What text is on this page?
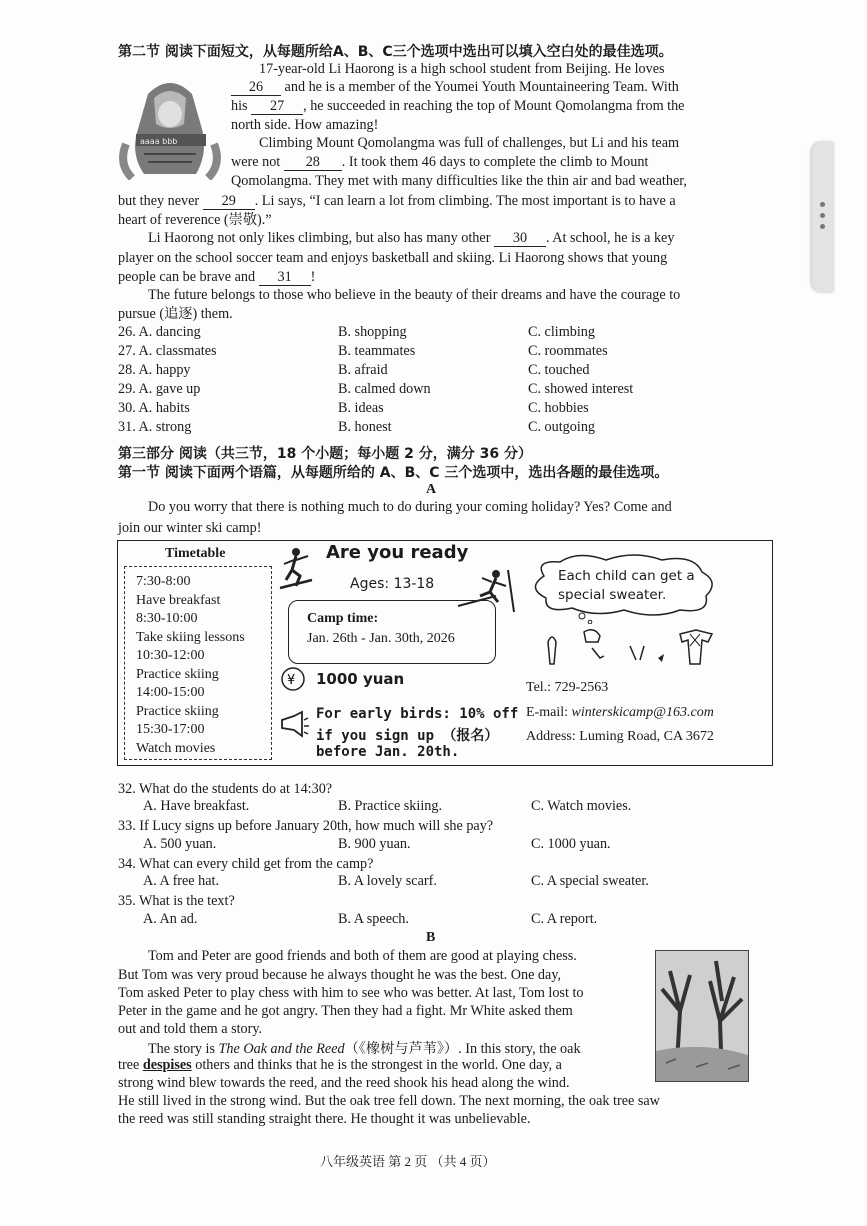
第二节 阅读下面短文，从每题所给A、B、C三个选项中选出可以填入空白处的最佳选项。
aaaa bbb
17-year-old Li Haorong is a high school student from Beijing. He loves
26 and he is a member of the Youmei Youth Mountaineering Team. With
his 27 , he succeeded in reaching the top of Mount Qomolangma from the
north side. How amazing!
Climbing Mount Qomolangma was full of challenges, but Li and his team
were not 28 . It took them 46 days to complete the climb to Mount
Qomolangma. They met with many difficulties like the thin air and bad weather,
but they never 29 . Li says, “I can learn a lot from climbing. The most important is to have a
heart of reverence (崇敬).”
Li Haorong not only likes climbing, but also has many other 30 . At school, he is a key
player on the school soccer team and enjoys basketball and skiing. Li Haorong shows that young
people can be brave and 31 !
The future belongs to those who believe in the beauty of their dreams and have the courage to
pursue (追逐) them.
26. A. dancing	B. shopping	C. climbing
27. A. classmates	B. teammates	C. roommates
28. A. happy	B. afraid	C. touched
29. A. gave up	B. calmed down	C. showed interest
30. A. habits	B. ideas	C. hobbies
31. A. strong	B. honest	C. outgoing
第三部分 阅读（共三节，18 个小题；每小题 2 分，满分 36 分）
第一节 阅读下面两个语篇，从每题所给的 A、B、C 三个选项中，选出各题的最佳选项。
A
Do you worry that there is nothing much to do during your coming holiday? Yes? Come and
join our winter ski camp!
Timetable
7:30-8:00
Have breakfast
8:30-10:00
Take skiing lessons
10:30-12:00
Practice skiing
14:00-15:00
Practice skiing
15:30-17:00
Watch movies
Are you ready
Ages: 13-18
Camp time:
Jan. 26th - Jan. 30th, 2026
¥ 1000 yuan
For early birds: 10% off
if you sign up （报名）
before Jan. 20th.
Each child can get a
special sweater.
Tel.: 729-2563
E-mail: winterskicamp@163.com
Address: Luming Road, CA 3672
32. What do the students do at 14:30?
A. Have breakfast.	B. Practice skiing.	C. Watch movies.
33. If Lucy signs up before January 20th, how much will she pay?
A. 500 yuan.	B. 900 yuan.	C. 1000 yuan.
34. What can every child get from the camp?
A. A free hat.	B. A lovely scarf.	C. A special sweater.
35. What is the text?
A. An ad.	B. A speech.	C. A report.
B
Tom and Peter are good friends and both of them are good at playing chess.
But Tom was very proud because he always thought he was the best. One day,
Tom asked Peter to play chess with him to see who was better. At last, Tom lost to
Peter in the game and he got angry. Then they had a fight. Mr White asked them
out and told them a story.
The story is The Oak and the Reed（《橡树与芦苇》）. In this story, the oak
tree despises others and thinks that he is the strongest in the world. One day, a
strong wind blew towards the reed, and the reed shook his head along the wind.
He still lived in the strong wind. But the oak tree fell down. The next morning, the oak tree saw
the reed was still standing straight there. He thought it was unbelievable.
八年级英语 第 2 页 （共 4 页）
